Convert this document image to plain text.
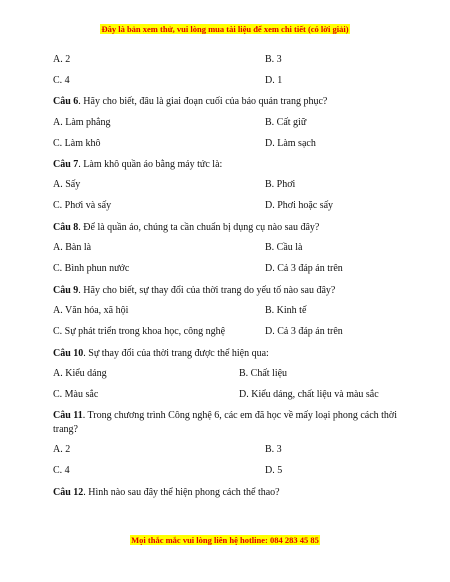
Đây là bản xem thử, vui lòng mua tài liệu để xem chi tiết (có lời giải)
A. 2	B. 3
C. 4	D. 1
Câu 6. Hãy cho biết, đâu là giai đoạn cuối của bảo quản trang phục?
A. Làm phẳng	B. Cất giữ
C. Làm khô	D. Làm sạch
Câu 7. Làm khô quần áo bằng máy tức là:
A. Sấy	B. Phơi
C. Phơi và sấy	D. Phơi hoặc sấy
Câu 8. Để là quần áo, chúng ta cần chuẩn bị dụng cụ nào sau đây?
A. Bàn là	B. Cầu là
C. Bình phun nước	D. Cả 3 đáp án trên
Câu 9. Hãy cho biết, sự thay đổi của thời trang do yếu tố nào sau đây?
A. Văn hóa, xã hội	B. Kinh tế
C. Sự phát triển trong khoa học, công nghệ	D. Cả 3 đáp án trên
Câu 10. Sự thay đổi của thời trang được thể hiện qua:
A. Kiểu dáng	B. Chất liệu
C. Màu sắc	D. Kiểu dáng, chất liệu và màu sắc
Câu 11. Trong chương trình Công nghệ 6, các em đã học về mấy loại phong cách thời trang?
A. 2	B. 3
C. 4	D. 5
Câu 12. Hình nào sau đây thể hiện phong cách thể thao?
Mọi thắc mắc vui lòng liên hệ hotline: 084 283 45 85
